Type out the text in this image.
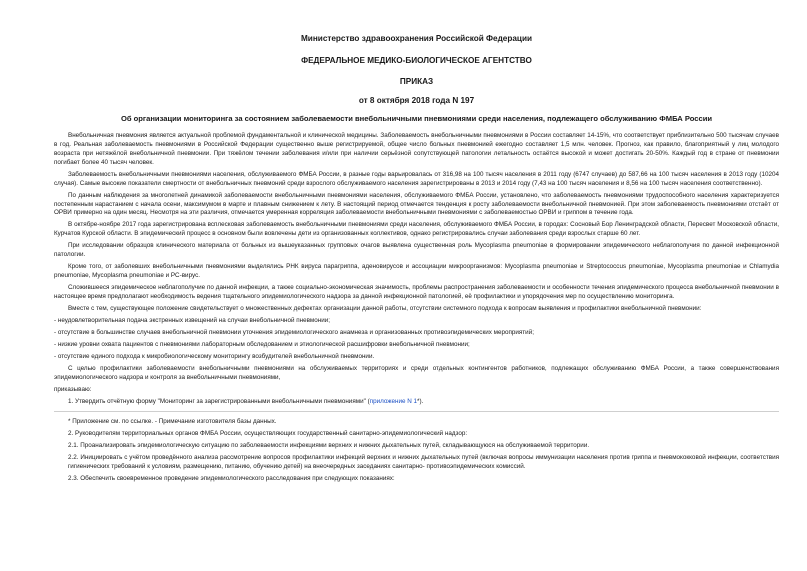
Министерство здравоохранения Российской Федерации
ФЕДЕРАЛЬНОЕ МЕДИКО-БИОЛОГИЧЕСКОЕ АГЕНТСТВО
ПРИКАЗ
от 8 октября 2018 года N 197
Об организации мониторинга за состоянием заболеваемости внебольничными пневмониями среди населения, подлежащего обслуживанию ФМБА России

Внебольничная пневмония является актуальной проблемой фундаментальной и клинической медицины. Заболеваемость внебольничными пневмониями в России составляет 14-15%, что соответствует приблизительно 500 тысячам случаев в год. Реальная заболеваемость пневмониями в Российской Федерации существенно выше регистрируемой, общее число больных пневмонией ежегодно составляет 1,5 млн. человек. Прогноз, как правило, благоприятный у лиц молодого возраста при нетяжёлой внебольничной пневмонии. При тяжёлом течении заболевания и/или при наличии серьёзной сопутствующей патологии летальность остаётся высокой и может достигать 20-50%. Каждый год в стране от пневмонии погибает более 40 тысяч человек.

Заболеваемость внебольничными пневмониями населения, обслуживаемого ФМБА России, в разные годы варьировалась от 316,98 на 100 тысяч населения в 2011 году (6747 случаев) до 587,66 на 100 тысяч населения в 2013 году (10204 случая). Самые высокие показатели смертности от внебольничных пневмоний среди взрослого обслуживаемого населения зарегистрированы в 2013 и 2014 году (7,43 на 100 тысяч населения и 8,56 на 100 тысяч населения соответственно).

По данным наблюдения за многолетней динамикой заболеваемости внебольничными пневмониями населения, обслуживаемого ФМБА России, установлено, что заболеваемость пневмониями трудоспособного населения характеризуется постепенным нарастанием с начала осени, максимумом в марте и плавным снижением к лету. В настоящий период отмечается тенденция к росту заболеваемости внебольничной пневмонией. При этом заболеваемость пневмониями отстаёт от ОРВИ примерно на один месяц. Несмотря на эти различия, отмечается умеренная корреляция заболеваемости внебольничными пневмониями с заболеваемостью ОРВИ и гриппом в течение года.

В октябре-ноябре 2017 года зарегистрирована всплесковая заболеваемость внебольничными пневмониями среди населения, обслуживаемого ФМБА России, в городах: Сосновый Бор Ленинградской области, Пересвет Московской области, Курчатов Курской области. В эпидемический процесс в основном были вовлечены дети из организованных коллективов, однако регистрировались случаи заболевания среди взрослых старше 60 лет.

При исследовании образцов клинического материала от больных из вышеуказанных групповых очагов выявлена существенная роль Mycoplasma pneumoniae в формировании эпидемического неблагополучия по данной инфекционной патологии.

Кроме того, от заболевших внебольничными пневмониями выделялись РНК вируса парагриппа, аденовирусов и ассоциации микроорганизмов: Mycoplasma pneumoniae и Streptococcus pneumoniae, Mycoplasma pneumoniae и Chlamydia pneumoniae, Mycoplasma pneumoniae и РС-вирус.

Сложившееся эпидемическое неблагополучие по данной инфекции, а также социально-экономическая значимость, проблемы распространения заболеваемости и особенности течения эпидемического процесса внебольничной пневмонии в настоящее время предполагают необходимость ведения тщательного эпидемиологического надзора за данной инфекционной патологией, её профилактики и упорядочения мер по осуществлению мониторинга.

Вместе с тем, существующее положение свидетельствует о множественных дефектах организации данной работы, отсутствии системного подхода к вопросам выявления и профилактики внебольничной пневмонии:

- неудовлетворительная подача экстренных извещений на случаи внебольничной пневмонии;

- отсутствие в большинстве случаев внебольничной пневмонии уточнения эпидемиологического анамнеза и организованных противоэпидемических мероприятий;

- низкие уровни охвата пациентов с пневмониями лабораторным обследованием и этиологической расшифровки внебольничной пневмонии;

- отсутствие единого подхода к микробиологическому мониторингу возбудителей внебольничной пневмонии.

С целью профилактики заболеваемости внебольничными пневмониями на обслуживаемых территориях и среди отдельных контингентов работников, подлежащих обслуживанию ФМБА России, а также совершенствования эпидемиологического надзора и контроля за внебольничными пневмониями,

приказываю:

1. Утвердить отчётную форму "Мониторинг за зарегистрированными внебольничными пневмониями" (приложение N 1*).

* Приложение см. по ссылке. - Примечание изготовителя базы данных.

2. Руководителям территориальных органов ФМБА России, осуществляющих государственный санитарно-эпидемиологический надзор:

2.1. Проанализировать эпидемиологическую ситуацию по заболеваемости инфекциями верхних и нижних дыхательных путей, складывающуюся на обслуживаемой территории.

2.2. Инициировать с учётом проведённого анализа рассмотрение вопросов профилактики инфекций верхних и нижних дыхательных путей (включая вопросы иммунизации населения против гриппа и пневмококковой инфекции, соответствия гигиенических требований к условиям, размещению, питанию, обучению детей) на внеочередных заседаниях санитарно- противоэпидемических комиссий.

2.3. Обеспечить своевременное проведение эпидемиологического расследования при следующих показаниях:
